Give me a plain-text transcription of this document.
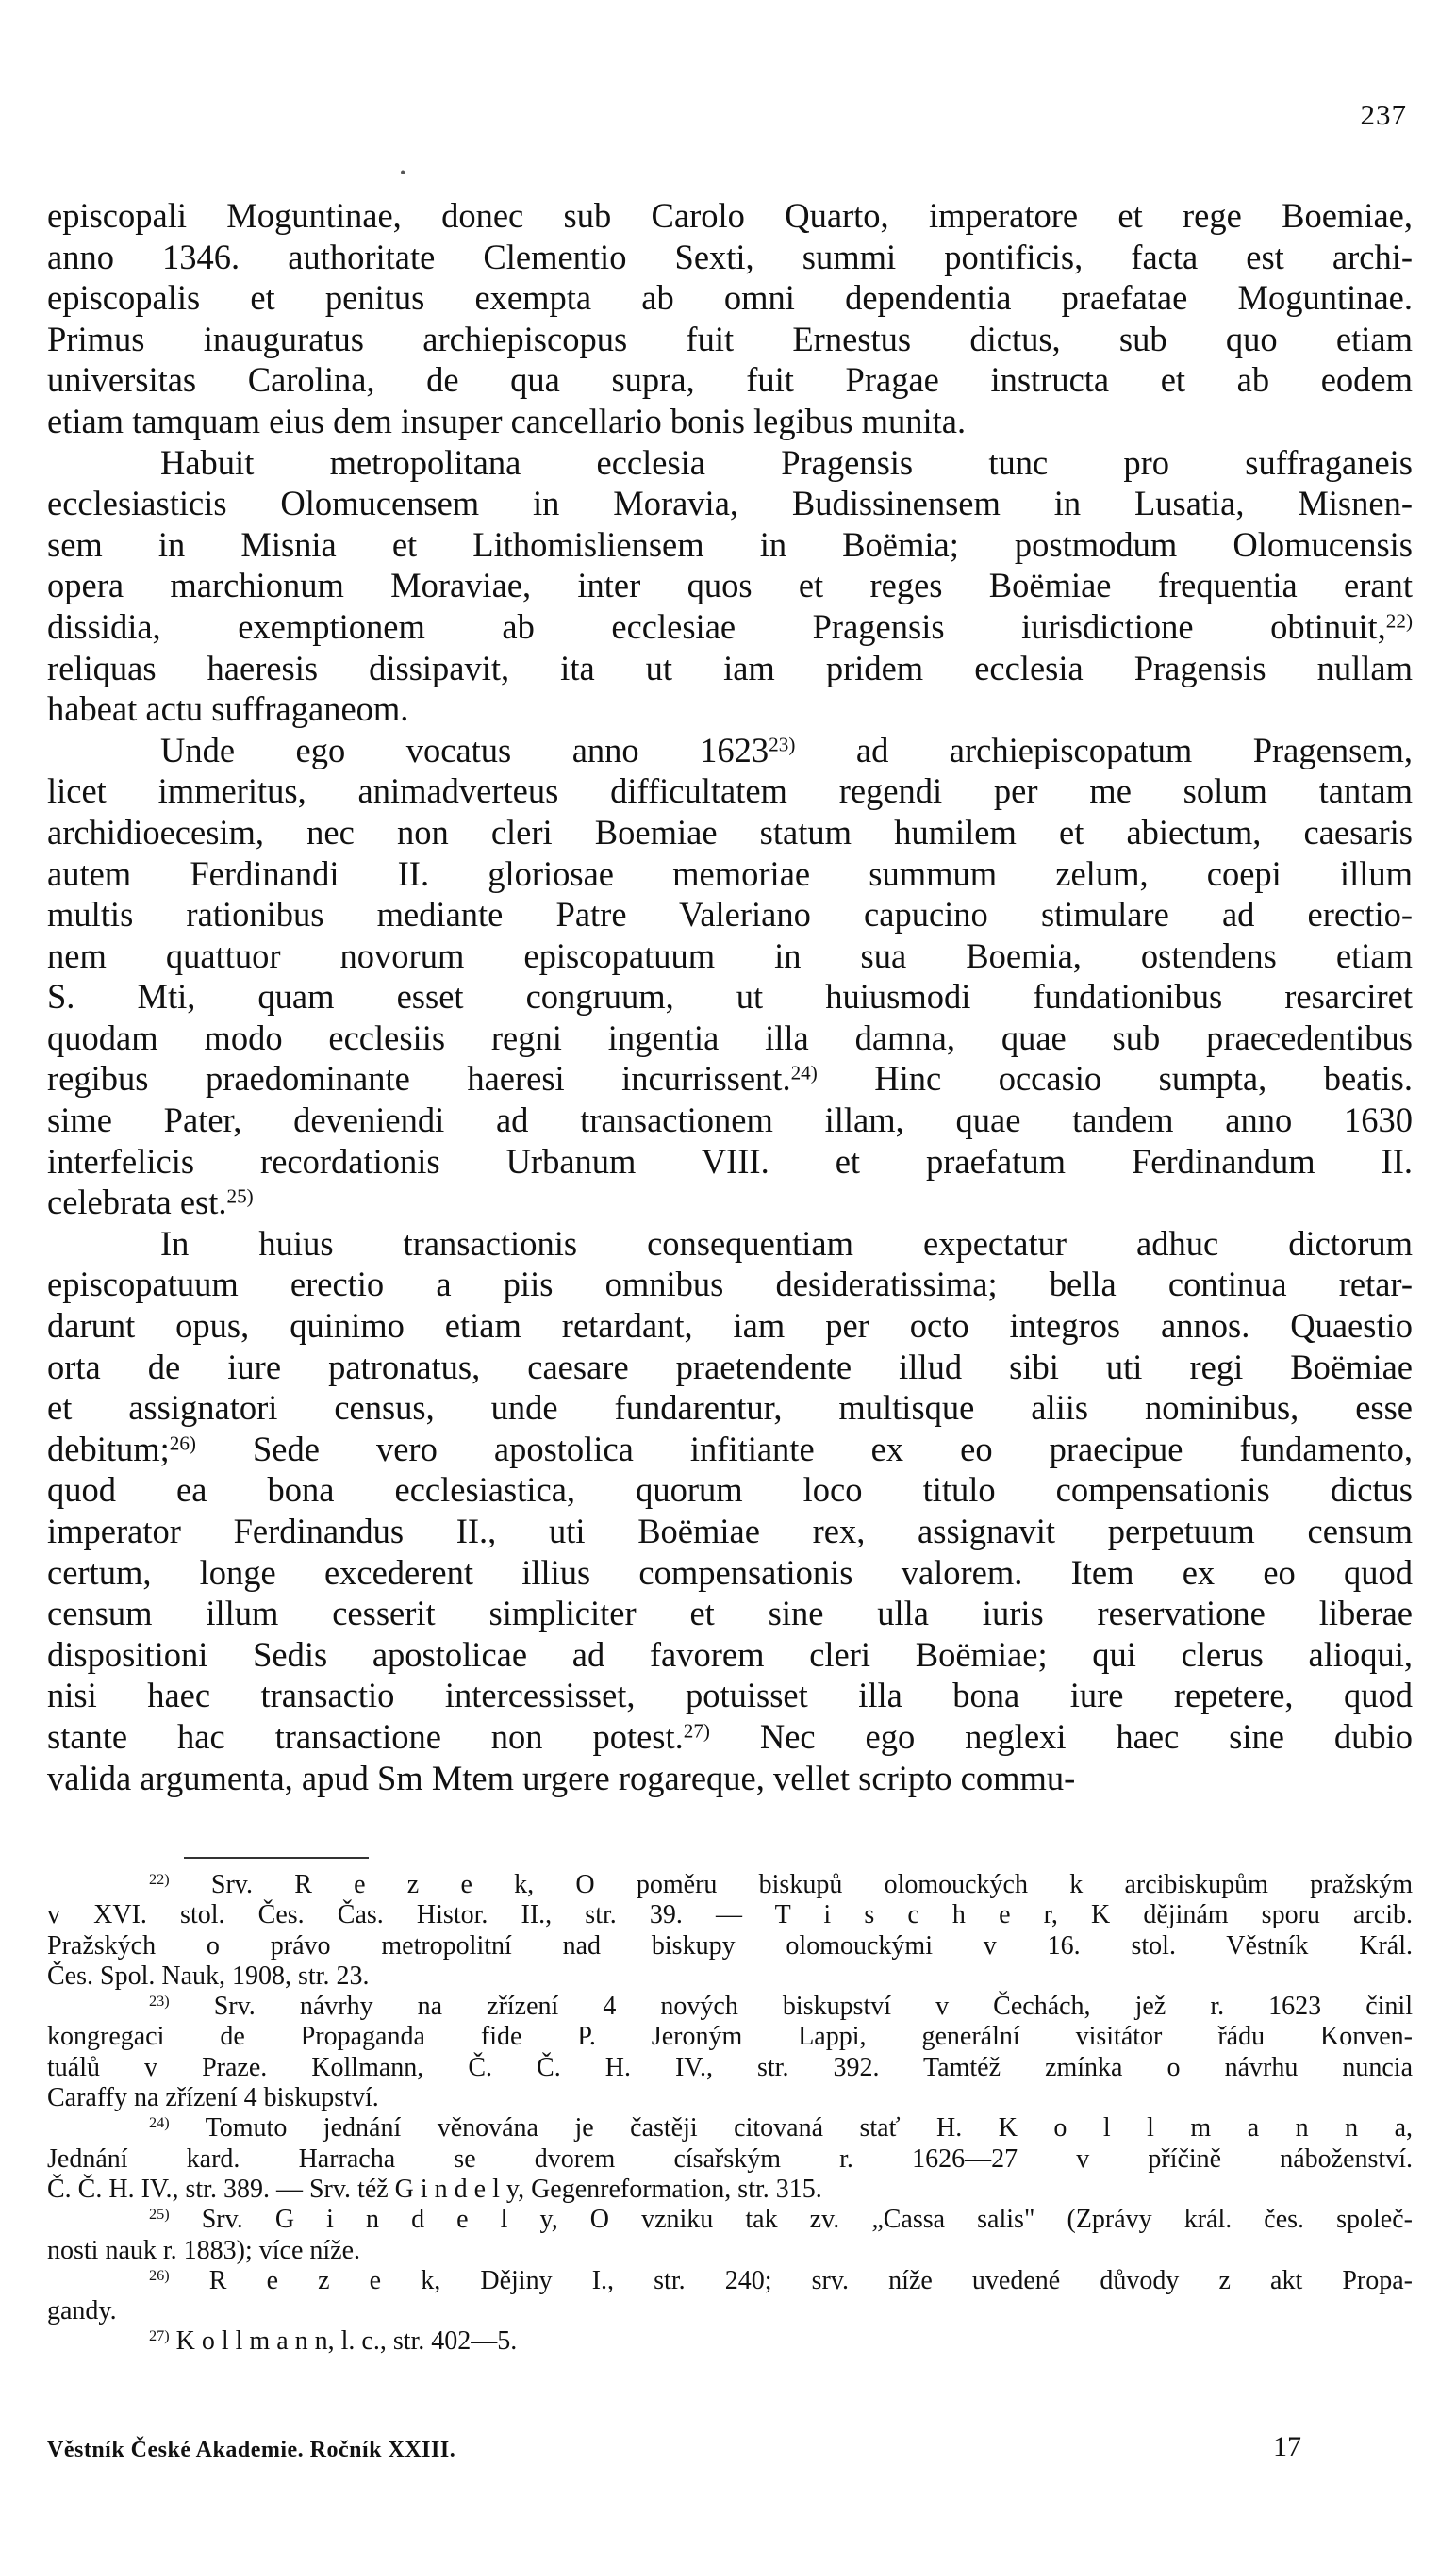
•
237
episcopali Moguntinae, donec sub Carolo Quarto, imperatore et rege Boemiae,
anno 1346. authoritate Clementio Sexti, summi pontificis, facta est archi-
episcopalis et penitus exempta ab omni dependentia praefatae Moguntinae.
Primus inauguratus archiepiscopus fuit Ernestus dictus, sub quo etiam
universitas Carolina, de qua supra, fuit Pragae instructa et ab eodem
etiam tamquam eius dem insuper cancellario bonis legibus munita.
Habuit metropolitana ecclesia Pragensis tunc pro suffraganeis
ecclesiasticis Olomucensem in Moravia, Budissinensem in Lusatia, Misnen-
sem in Misnia et Lithomisliensem in Boëmia; postmodum Olomucensis
opera marchionum Moraviae, inter quos et reges Boëmiae frequentia erant
dissidia, exemptionem ab ecclesiae Pragensis iurisdictione obtinuit,$^{22)}$
reliquas haeresis dissipavit, ita ut iam pridem ecclesia Pragensis nullam
habeat actu suffraganeom.
Unde ego vocatus anno 1623$^{23)}$ ad archiepiscopatum Pragensem,
licet immeritus, animadverteus difficultatem regendi per me solum tantam
archidioecesim, nec non cleri Boemiae statum humilem et abiectum, caesaris
autem Ferdinandi II. gloriosae memoriae summum zelum, coepi illum
multis rationibus mediante Patre Valeriano capucino stimulare ad erectio-
nem quattuor novorum episcopatuum in sua Boemia, ostendens etiam
S. Mti, quam esset congruum, ut huiusmodi fundationibus resarciret
quodam modo ecclesiis regni ingentia illa damna, quae sub praecedentibus
regibus praedominante haeresi incurrissent.$^{24)}$ Hinc occasio sumpta, beatis.
sime Pater, deveniendi ad transactionem illam, quae tandem anno 1630
interfelicis recordationis Urbanum VIII. et praefatum Ferdinandum II.
celebrata est.$^{25)}$
In huius transactionis consequentiam expectatur adhuc dictorum
episcopatuum erectio a piis omnibus desideratissima; bella continua retar-
darunt opus, quinimo etiam retardant, iam per octo integros annos. Quaestio
orta de iure patronatus, caesare praetendente illud sibi uti regi Boëmiae
et assignatori census, unde fundarentur, multisque aliis nominibus, esse
debitum;$^{26)}$ Sede vero apostolica infitiante ex eo praecipue fundamento,
quod ea bona ecclesiastica, quorum loco titulo compensationis dictus
imperator Ferdinandus II., uti Boëmiae rex, assignavit perpetuum censum
certum, longe excederent illius compensationis valorem. Item ex eo quod
censum illum cesserit simpliciter et sine ulla iuris reservatione liberae
dispositioni Sedis apostolicae ad favorem cleri Boëmiae; qui clerus alioqui,
nisi haec transactio intercessisset, potuisset illa bona iure repetere, quod
stante hac transactione non potest.$^{27)}$ Nec ego neglexi haec sine dubio
valida argumenta, apud Sm Mtem urgere rogareque, vellet scripto commu-
$^{22)}$ Srv. R e z e k, O poměru biskupů olomouckých k arcibiskupům pražským
v XVI. stol. Čes. Čas. Histor. II., str. 39. — T i s c h e r, K dějinám sporu arcib.
Pražských o právo metropolitní nad biskupy olomouckými v 16. stol. Věstník Král.
Čes. Spol. Nauk, 1908, str. 23.
$^{23)}$ Srv. návrhy na zřízení 4 nových biskupství v Čechách, jež r. 1623 činil
kongregaci de Propaganda fide P. Jeroným Lappi, generální visitátor řádu Konven-
tuálů v Praze. Kollmann, Č. Č. H. IV., str. 392. Tamtéž zmínka o návrhu nuncia
Caraffy na zřízení 4 biskupství.
$^{24)}$ Tomuto jednání věnována je častěji citovaná stať H. K o l l m a n n a,
Jednání kard. Harracha se dvorem císařským r. 1626—27 v příčině náboženství.
Č. Č. H. IV., str. 389. — Srv. též G i n d e l y, Gegenreformation, str. 315.
$^{25)}$ Srv. G i n d e l y, O vzniku tak zv. „Cassa salis" (Zprávy král. čes. společ-
nosti nauk r. 1883); více níže.
$^{26)}$ R e z e k, Dějiny I., str. 240; srv. níže uvedené důvody z akt Propa-
gandy.
$^{27)}$ K o l l m a n n, l. c., str. 402—5.
Věstník České Akademie. Ročník XXIII.	17
